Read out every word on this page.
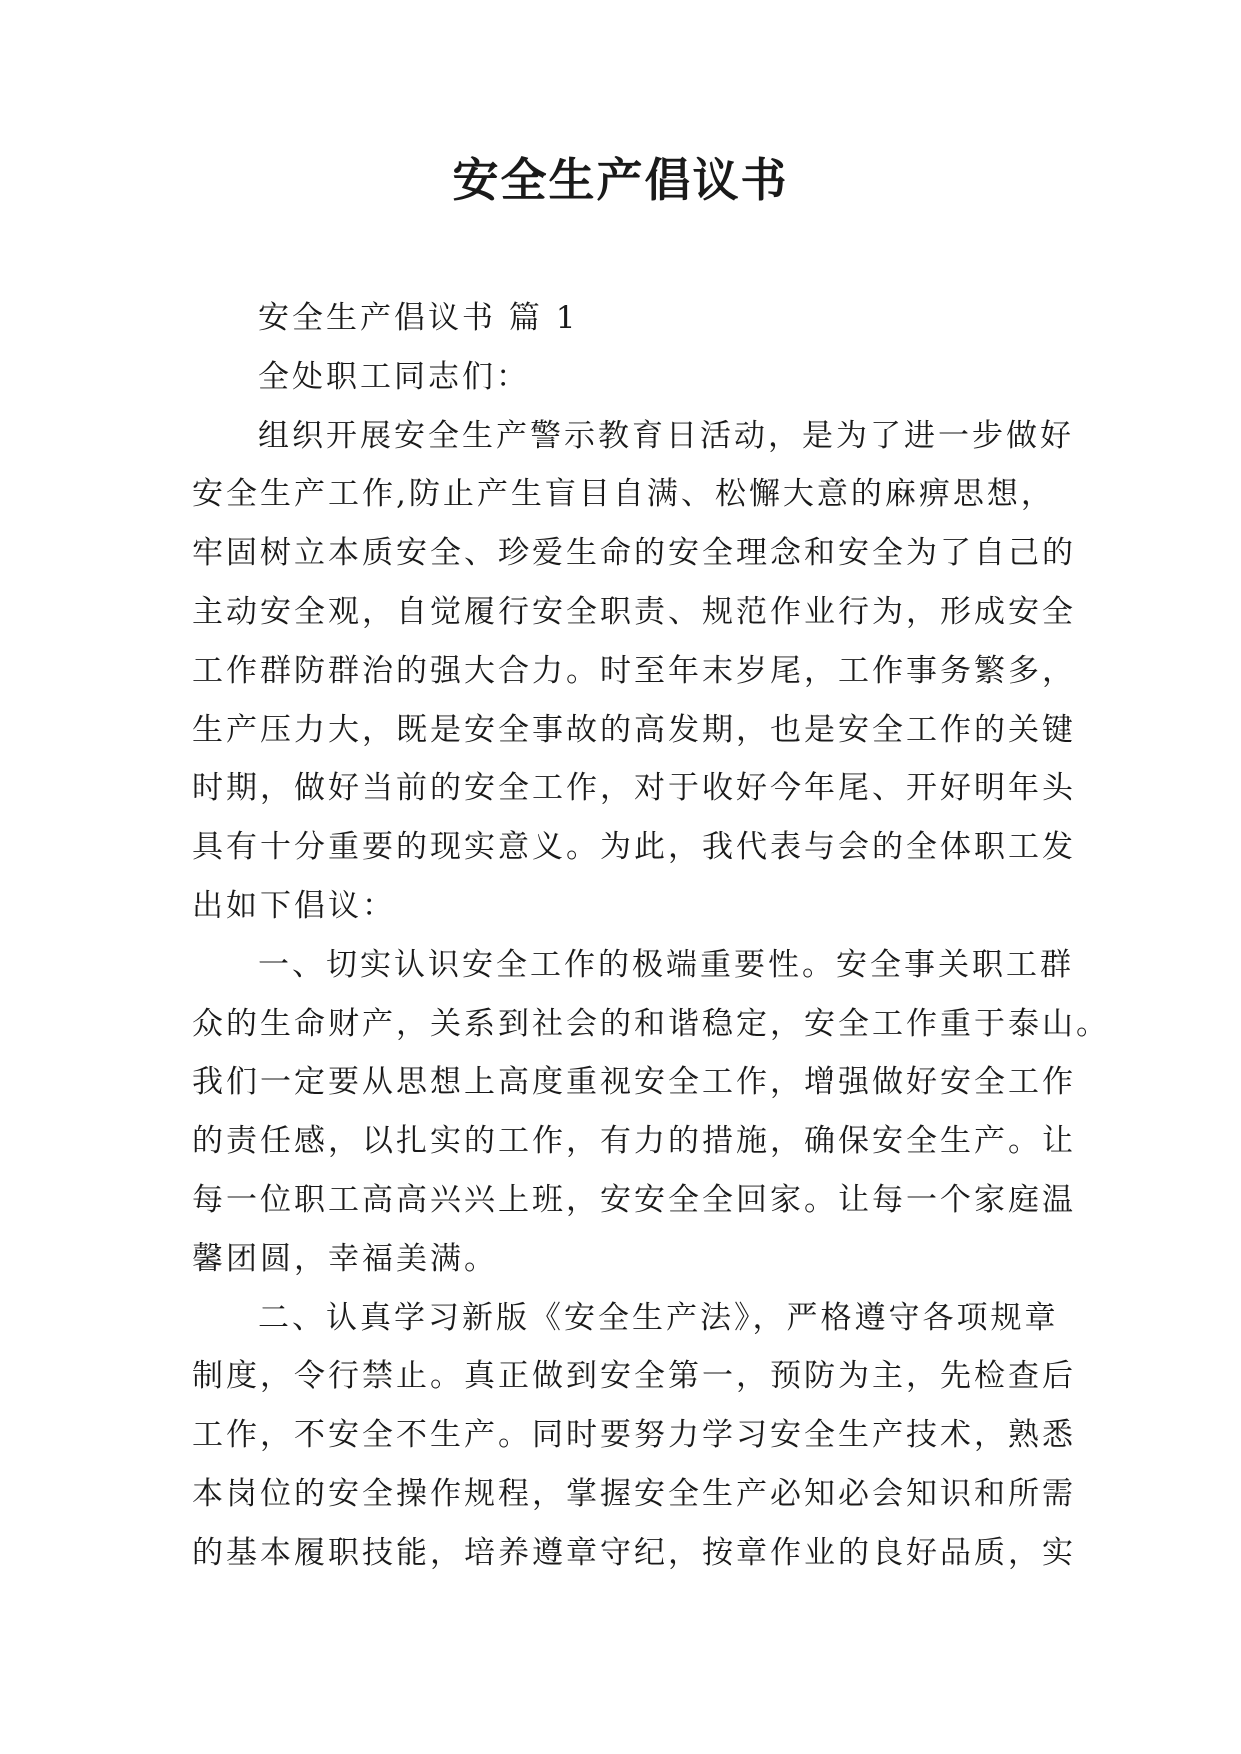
安全生产倡议书
安全生产倡议书 篇 1
全处职工同志们：
组织开展安全生产警示教育日活动，是为了进一步做好
安全生产工作,防止产生盲目自满、松懈大意的麻痹思想，
牢固树立本质安全、珍爱生命的安全理念和安全为了自己的
主动安全观，自觉履行安全职责、规范作业行为，形成安全
工作群防群治的强大合力。时至年末岁尾，工作事务繁多，
生产压力大，既是安全事故的高发期，也是安全工作的关键
时期，做好当前的安全工作，对于收好今年尾、开好明年头
具有十分重要的现实意义。为此，我代表与会的全体职工发
出如下倡议：
一、切实认识安全工作的极端重要性。安全事关职工群
众的生命财产，关系到社会的和谐稳定，安全工作重于泰山。
我们一定要从思想上高度重视安全工作，增强做好安全工作
的责任感，以扎实的工作，有力的措施，确保安全生产。让
每一位职工高高兴兴上班，安安全全回家。让每一个家庭温
馨团圆，幸福美满。
二、认真学习新版《安全生产法》，严格遵守各项规章
制度，令行禁止。真正做到安全第一，预防为主，先检查后
工作，不安全不生产。同时要努力学习安全生产技术，熟悉
本岗位的安全操作规程，掌握安全生产必知必会知识和所需
的基本履职技能，培养遵章守纪，按章作业的良好品质，实
